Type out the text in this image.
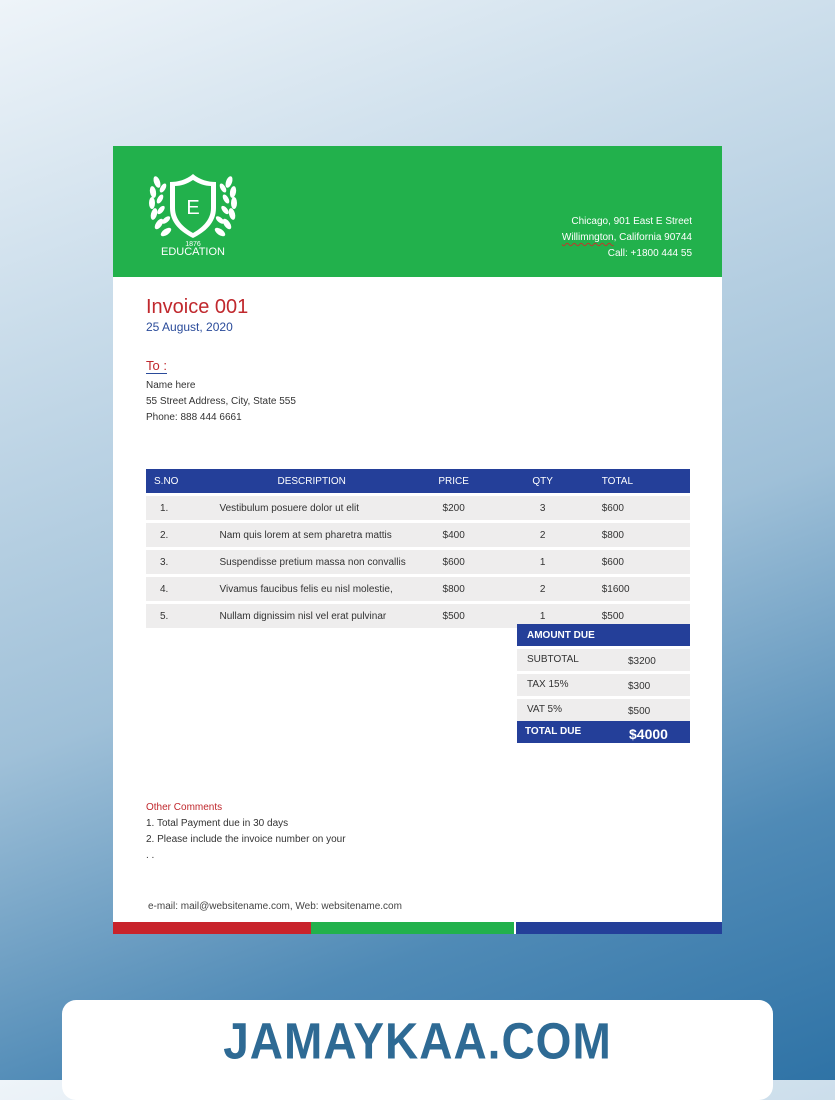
E
1876
EDUCATION
Chicago, 901 East E Street
Willimngton, California 90744
Call: +1800 444 55
Invoice 001
25 August, 2020
To :
Name here
55 Street Address, City, State 555
Phone: 888 444 6661
S.NO	DESCRIPTION	PRICE	QTY	TOTAL
1.	Vestibulum posuere dolor ut elit	$200	3	$600
2.	Nam quis lorem at sem pharetra mattis	$400	2	$800
3.	Suspendisse pretium massa non convallis	$600	1	$600
4.	Vivamus faucibus felis eu nisl molestie,	$800	2	$1600
5.	Nullam dignissim nisl vel erat pulvinar	$500	1	$500
AMOUNT DUE
SUBTOTAL	$3200
TAX 15%	$300
VAT 5%	$500
TOTAL DUE	$4000
Other Comments
1. Total Payment due in 30 days
2. Please include the invoice number on your
. .
e-mail: mail@websitename.com, Web: websitename.com
JAMAYKAA.COM
